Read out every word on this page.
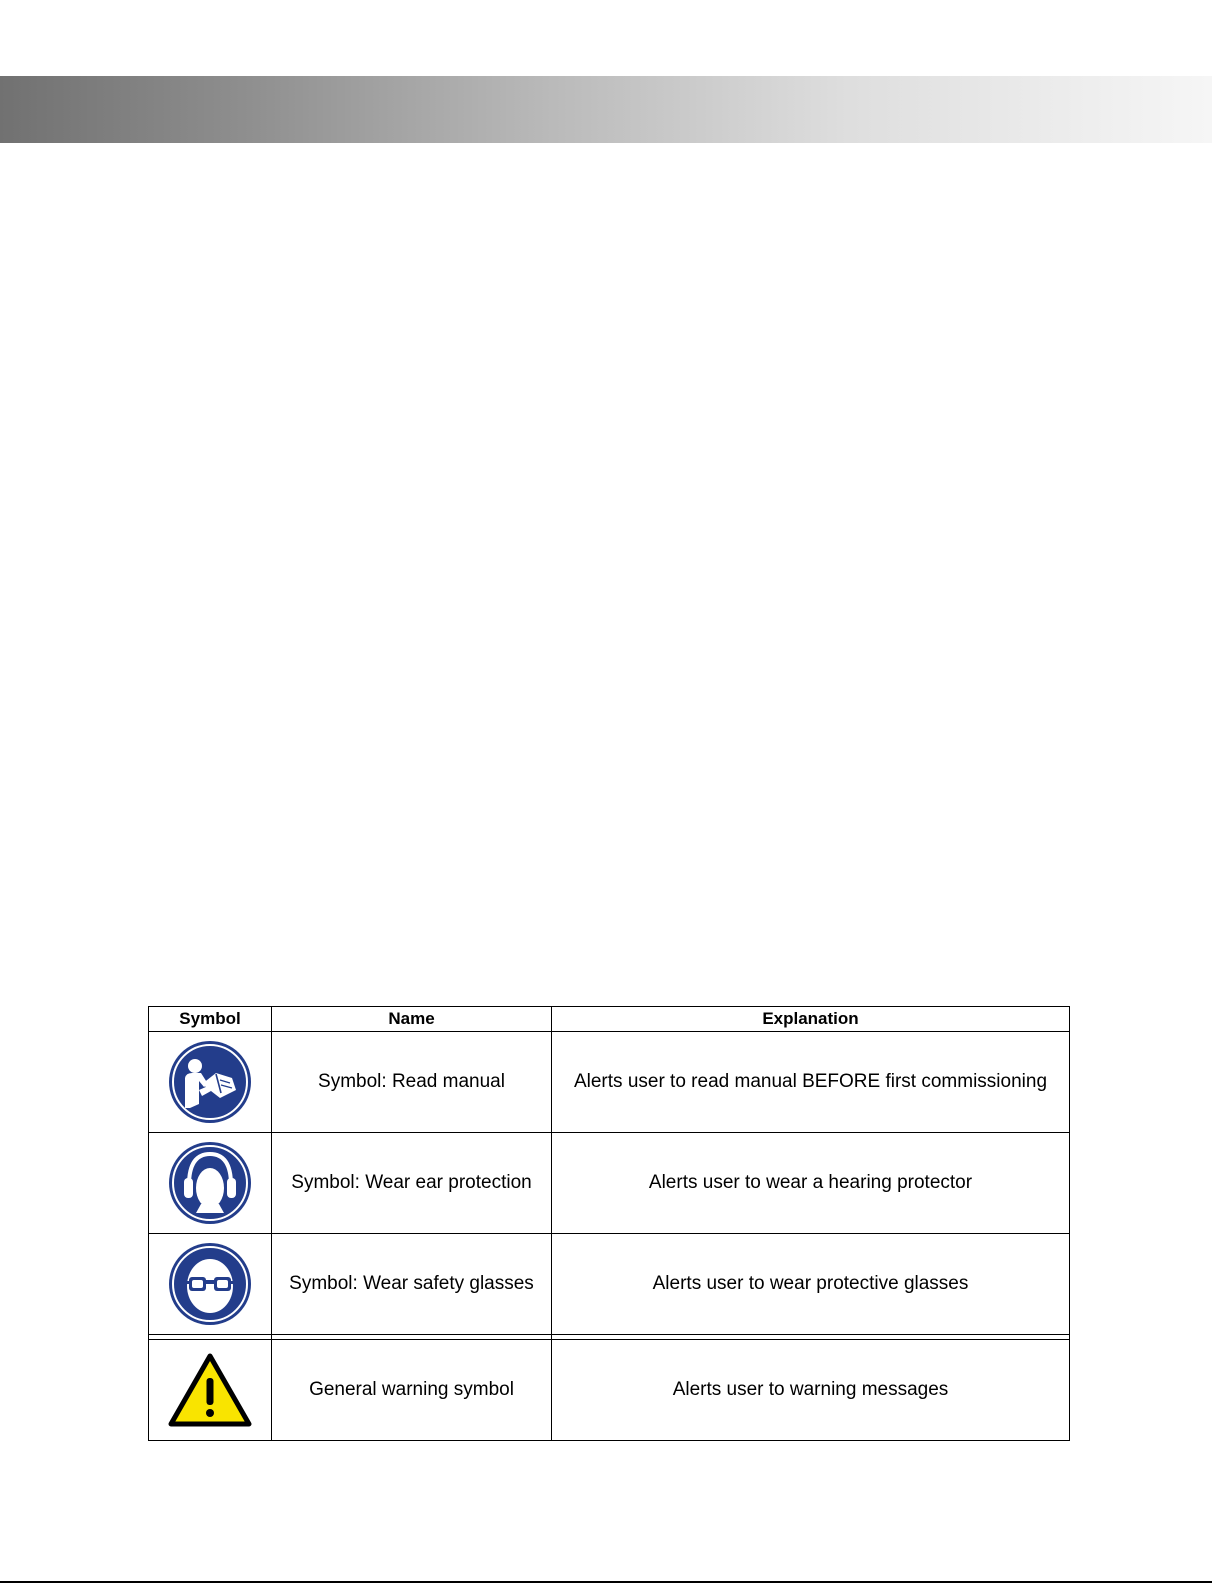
Symbol	Name	Explanation

	Symbol: Read manual	Alerts user to read manual BEFORE first commissioning

	Symbol: Wear ear protection	Alerts user to wear a hearing protector

	Symbol: Wear safety glasses	Alerts user to wear protective glasses

	General warning symbol	Alerts user to warning messages
